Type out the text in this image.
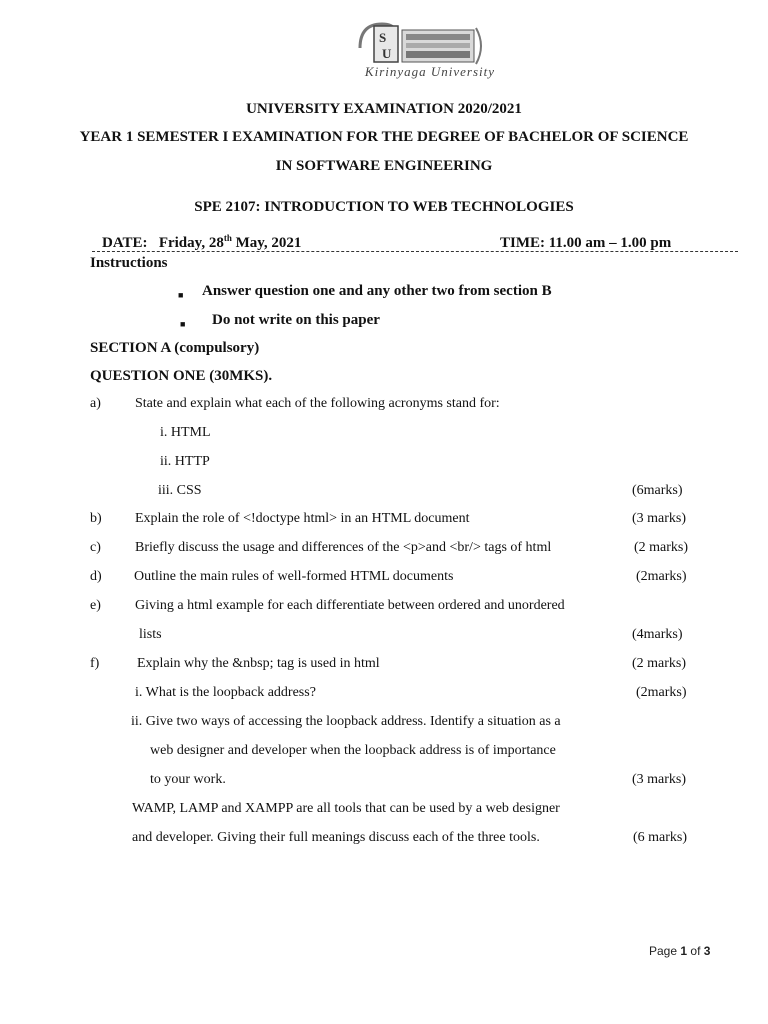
S
U
Kirinyaga University
UNIVERSITY EXAMINATION 2020/2021
YEAR 1 SEMESTER I EXAMINATION FOR THE DEGREE OF BACHELOR OF SCIENCE
IN SOFTWARE ENGINEERING
SPE 2107: INTRODUCTION TO WEB TECHNOLOGIES
DATE: Friday, 28th May, 2021	TIME: 11.00 am – 1.00 pm
Instructions
■ Answer question one and any other two from section B
■ Do not write on this paper
SECTION A (compulsory)
QUESTION ONE (30MKS).
a) State and explain what each of the following acronyms stand for:
i. HTML
ii. HTTP
iii. CSS	(6marks)
b) Explain the role of <!doctype html> in an HTML document	(3 marks)
c) Briefly discuss the usage and differences of the <p>and <br/> tags of html	(2 marks)
d) Outline the main rules of well-formed HTML documents	(2marks)
e) Giving a html example for each differentiate between ordered and unordered
lists	(4marks)
f)	Explain why the &nbsp; tag is used in html	(2 marks)
i. What is the loopback address?	(2marks)
ii. Give two ways of accessing the loopback address. Identify a situation as a
web designer and developer when the loopback address is of importance
to your work.	(3 marks)
WAMP, LAMP and XAMPP are all tools that can be used by a web designer
and developer. Giving their full meanings discuss each of the three tools.	(6 marks)
Page 1 of 3
